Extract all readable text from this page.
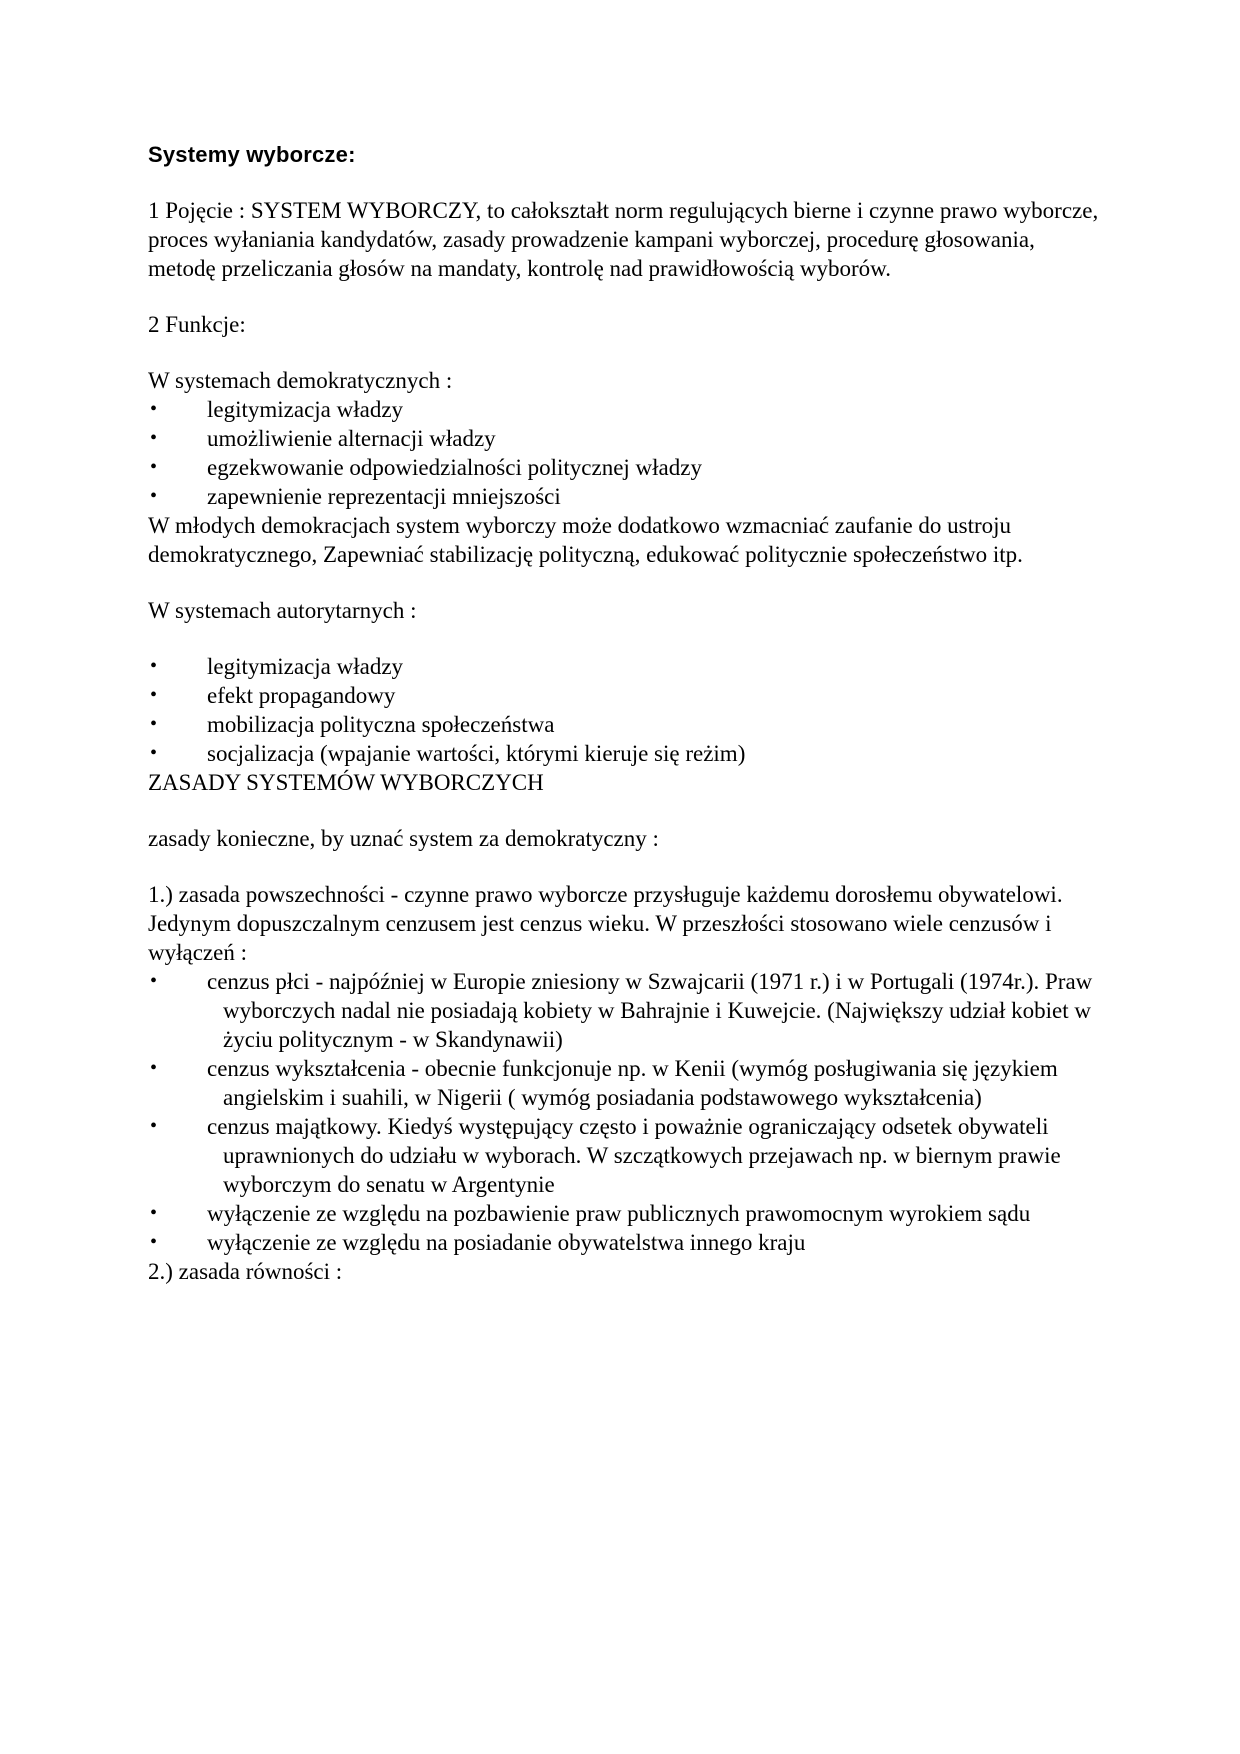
Systemy wyborcze:

1 Pojęcie : SYSTEM WYBORCZY, to całokształt norm regulujących bierne i czynne prawo wyborcze, proces wyłaniania kandydatów, zasady prowadzenie kampani wyborczej, procedurę głosowania, metodę przeliczania głosów na mandaty, kontrolę nad prawidłowością wyborów.

2 Funkcje:

W systemach demokratycznych :

• legitymizacja władzy
• umożliwienie alternacji władzy
• egzekwowanie odpowiedzialności politycznej władzy
• zapewnienie reprezentacji mniejszości

W młodych demokracjach system wyborczy może dodatkowo wzmacniać zaufanie do ustroju demokratycznego, Zapewniać stabilizację polityczną, edukować politycznie społeczeństwo itp.

W systemach autorytarnych :

• legitymizacja władzy
• efekt propagandowy
• mobilizacja polityczna społeczeństwa
• socjalizacja (wpajanie wartości, którymi kieruje się reżim)

ZASADY SYSTEMÓW WYBORCZYCH

zasady konieczne, by uznać system za demokratyczny :

1.) zasada powszechności - czynne prawo wyborcze przysługuje każdemu dorosłemu obywatelowi. Jedynym dopuszczalnym cenzusem jest cenzus wieku. W przeszłości stosowano wiele cenzusów i wyłączeń :

• cenzus płci - najpóźniej w Europie zniesiony w Szwajcarii (1971 r.) i w Portugali (1974r.). Praw wyborczych nadal nie posiadają kobiety w Bahrajnie i Kuwejcie. (Największy udział kobiet w życiu politycznym - w Skandynawii)
• cenzus wykształcenia - obecnie funkcjonuje np. w Kenii (wymóg posługiwania się językiem angielskim i suahili, w Nigerii ( wymóg posiadania podstawowego wykształcenia)
• cenzus majątkowy. Kiedyś występujący często i poważnie ograniczający odsetek obywateli uprawnionych do udziału w wyborach. W szczątkowych przejawach np. w biernym prawie wyborczym do senatu w Argentynie
• wyłączenie ze względu na pozbawienie praw publicznych prawomocnym wyrokiem sądu
• wyłączenie ze względu na posiadanie obywatelstwa innego kraju

2.) zasada równości :
